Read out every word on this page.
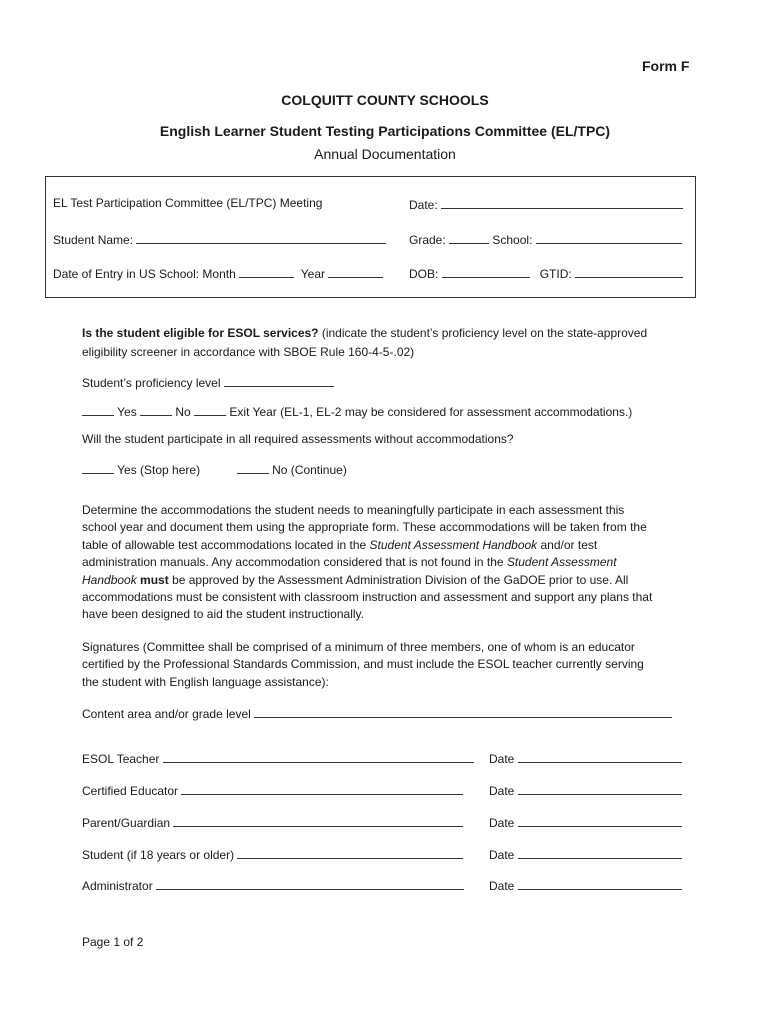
Form F
COLQUITT COUNTY SCHOOLS
English Learner Student Testing Participations Committee (EL/TPC)
Annual Documentation
EL Test Participation Committee (EL/TPC) Meeting	Date:
Student Name:	Grade:	School:
Date of Entry in US School: Month	Year	DOB:	GTID:
Is the student eligible for ESOL services? (indicate the student’s proficiency level on the state-approved
eligibility screener in accordance with SBOE Rule 160-4-5-.02)
Student’s proficiency level
Yes	No	Exit Year (EL-1, EL-2 may be considered for assessment accommodations.)
Will the student participate in all required assessments without accommodations?
Yes (Stop here)	No (Continue)
Determine the accommodations the student needs to meaningfully participate in each assessment this
school year and document them using the appropriate form. These accommodations will be taken from the
table of allowable test accommodations located in the Student Assessment Handbook and/or test
administration manuals. Any accommodation considered that is not found in the Student Assessment
Handbook must be approved by the Assessment Administration Division of the GaDOE prior to use. All
accommodations must be consistent with classroom instruction and assessment and support any plans that
have been designed to aid the student instructionally.
Signatures (Committee shall be comprised of a minimum of three members, one of whom is an educator
certified by the Professional Standards Commission, and must include the ESOL teacher currently serving
the student with English language assistance):
Content area and/or grade level
ESOL Teacher	Date
Certified Educator	Date
Parent/Guardian	Date
Student (if 18 years or older)	Date
Administrator	Date
Page 1 of 2
